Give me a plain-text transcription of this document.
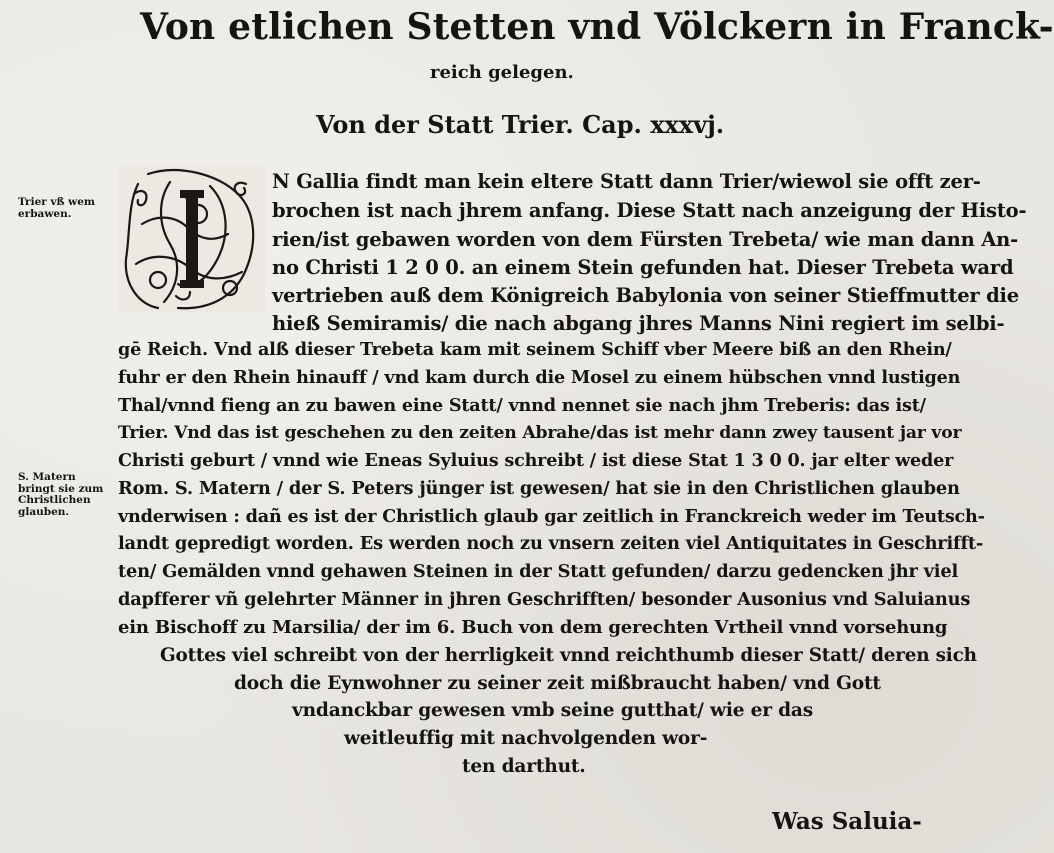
Von etlichen Stetten vnd Völckern in Franck-
reich gelegen.
Von der Statt Trier. Cap. xxxvj.
Trier vß wem
erbawen.
S. Matern
bringt sie zum
Christlichen
glauben.
I
N Gallia findt man kein eltere Statt dann Trier/wiewol sie offt zer-
brochen ist nach jhrem anfang. Diese Statt nach anzeigung der Histo-
rien/ist gebawen worden von dem Fürsten Trebeta/ wie man dann An-
no Christi 1 2 0 0. an einem Stein gefunden hat. Dieser Trebeta ward
vertrieben auß dem Königreich Babylonia von seiner Stieffmutter die
hieß Semiramis/ die nach abgang jhres Manns Nini regiert im selbi-
gē Reich. Vnd alß dieser Trebeta kam mit seinem Schiff vber Meere biß an den Rhein/
fuhr er den Rhein hinauff / vnd kam durch die Mosel zu einem hübschen vnnd lustigen
Thal/vnnd fieng an zu bawen eine Statt/ vnnd nennet sie nach jhm Treberis: das ist/
Trier. Vnd das ist geschehen zu den zeiten Abrahe/das ist mehr dann zwey tausent jar vor
Christi geburt / vnnd wie Eneas Syluius schreibt / ist diese Stat 1 3 0 0. jar elter weder
Rom. S. Matern / der S. Peters jünger ist gewesen/ hat sie in den Christlichen glauben
vnderwisen : dañ es ist der Christlich glaub gar zeitlich in Franckreich weder im Teutsch-
landt gepredigt worden. Es werden noch zu vnsern zeiten viel Antiquitates in Geschrifft-
ten/ Gemälden vnnd gehawen Steinen in der Statt gefunden/ darzu gedencken jhr viel
dapfferer vñ gelehrter Männer in jhren Geschrifften/ besonder Ausonius vnd Saluianus
ein Bischoff zu Marsilia/ der im 6. Buch von dem gerechten Vrtheil vnnd vorsehung
Gottes viel schreibt von der herrligkeit vnnd reichthumb dieser Statt/ deren sich
doch die Eynwohner zu seiner zeit mißbraucht haben/ vnd Gott
vndanckbar gewesen vmb seine gutthat/ wie er das
weitleuffig mit nachvolgenden wor-
ten darthut.
Was Saluia-
